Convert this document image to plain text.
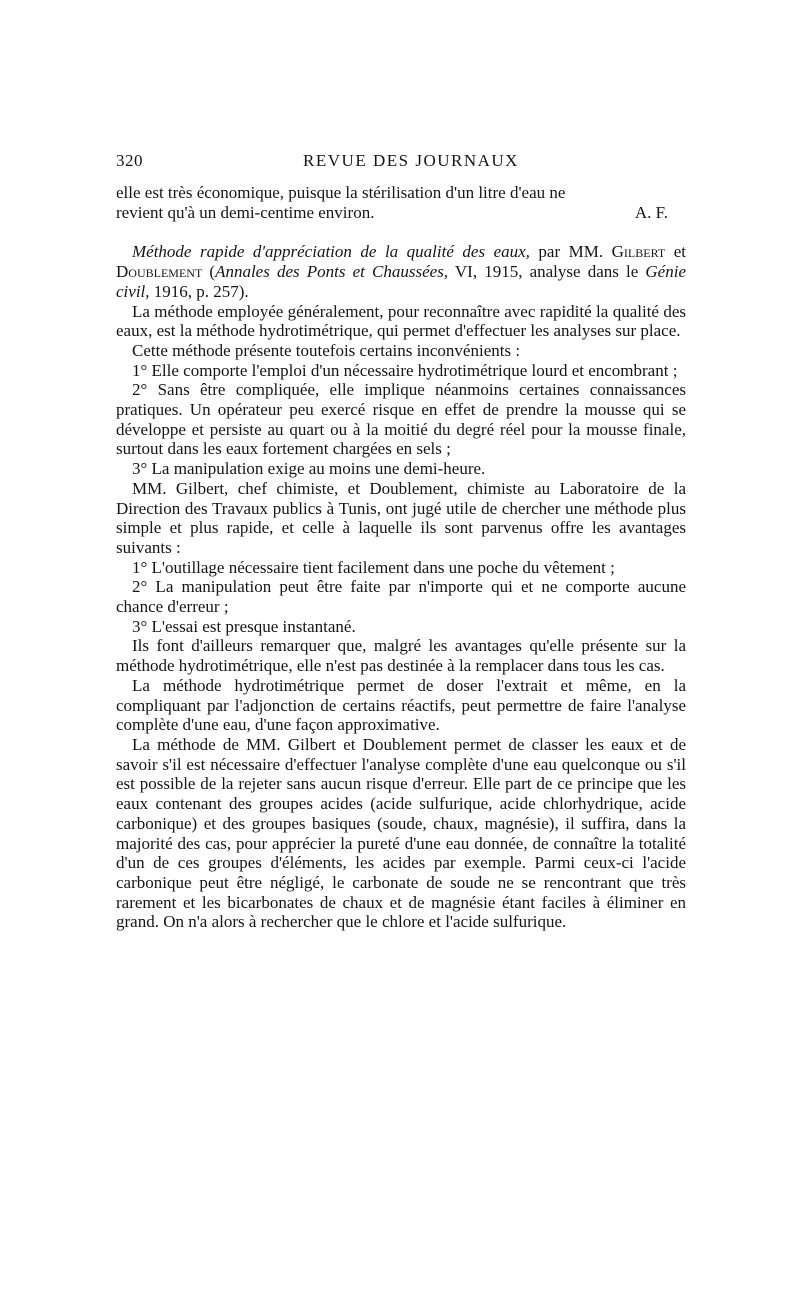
320	REVUE DES JOURNAUX

elle est très économique, puisque la stérilisation d'un litre d'eau ne
revient qu'à un demi-centime environ.	A. F.

Méthode rapide d'appréciation de la qualité des eaux, par MM. Gilbert et Doublement (Annales des Ponts et Chaussées, VI, 1915, analyse dans le Génie civil, 1916, p. 257).

La méthode employée généralement, pour reconnaître avec rapidité la qualité des eaux, est la méthode hydrotimétrique, qui permet d'effectuer les analyses sur place.

Cette méthode présente toutefois certains inconvénients :

1° Elle comporte l'emploi d'un nécessaire hydrotimétrique lourd et encombrant ;

2° Sans être compliquée, elle implique néanmoins certaines connaissances pratiques. Un opérateur peu exercé risque en effet de prendre la mousse qui se développe et persiste au quart ou à la moitié du degré réel pour la mousse finale, surtout dans les eaux fortement chargées en sels ;

3° La manipulation exige au moins une demi-heure.

MM. Gilbert, chef chimiste, et Doublement, chimiste au Laboratoire de la Direction des Travaux publics à Tunis, ont jugé utile de chercher une méthode plus simple et plus rapide, et celle à laquelle ils sont parvenus offre les avantages suivants :

1° L'outillage nécessaire tient facilement dans une poche du vêtement ;

2° La manipulation peut être faite par n'importe qui et ne comporte aucune chance d'erreur ;

3° L'essai est presque instantané.

Ils font d'ailleurs remarquer que, malgré les avantages qu'elle présente sur la méthode hydrotimétrique, elle n'est pas destinée à la remplacer dans tous les cas.

La méthode hydrotimétrique permet de doser l'extrait et même, en la compliquant par l'adjonction de certains réactifs, peut permettre de faire l'analyse complète d'une eau, d'une façon approximative.

La méthode de MM. Gilbert et Doublement permet de classer les eaux et de savoir s'il est nécessaire d'effectuer l'analyse complète d'une eau quelconque ou s'il est possible de la rejeter sans aucun risque d'erreur. Elle part de ce principe que les eaux contenant des groupes acides (acide sulfurique, acide chlorhydrique, acide carbonique) et des groupes basiques (soude, chaux, magnésie), il suffira, dans la majorité des cas, pour apprécier la pureté d'une eau donnée, de connaître la totalité d'un de ces groupes d'éléments, les acides par exemple. Parmi ceux-ci l'acide carbonique peut être négligé, le carbonate de soude ne se rencontrant que très rarement et les bicarbonates de chaux et de magnésie étant faciles à éliminer en grand. On n'a alors à rechercher que le chlore et l'acide sulfurique.
